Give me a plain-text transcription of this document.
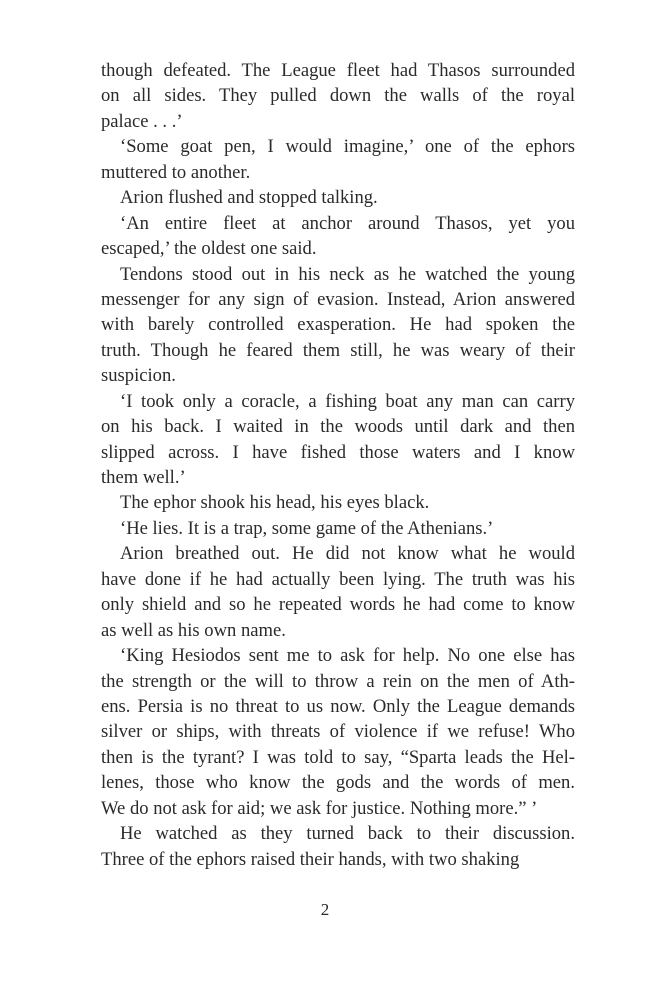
though defeated. The League fleet had Thasos surrounded
on all sides. They pulled down the walls of the royal
palace . . .’
‘Some goat pen, I would imagine,’ one of the ephors
muttered to another.
Arion flushed and stopped talking.
‘An entire fleet at anchor around Thasos, yet you
escaped,’ the oldest one said.
Tendons stood out in his neck as he watched the young
messenger for any sign of evasion. Instead, Arion answered
with barely controlled exasperation. He had spoken the
truth. Though he feared them still, he was weary of their
suspicion.
‘I took only a coracle, a fishing boat any man can carry
on his back. I waited in the woods until dark and then
slipped across. I have fished those waters and I know
them well.’
The ephor shook his head, his eyes black.
‘He lies. It is a trap, some game of the Athenians.’
Arion breathed out. He did not know what he would
have done if he had actually been lying. The truth was his
only shield and so he repeated words he had come to know
as well as his own name.
‘King Hesiodos sent me to ask for help. No one else has
the strength or the will to throw a rein on the men of Ath-
ens. Persia is no threat to us now. Only the League demands
silver or ships, with threats of violence if we refuse! Who
then is the tyrant? I was told to say, “Sparta leads the Hel-
lenes, those who know the gods and the words of men.
We do not ask for aid; we ask for justice. Nothing more.” ’
He watched as they turned back to their discussion.
Three of the ephors raised their hands, with two shaking
2
